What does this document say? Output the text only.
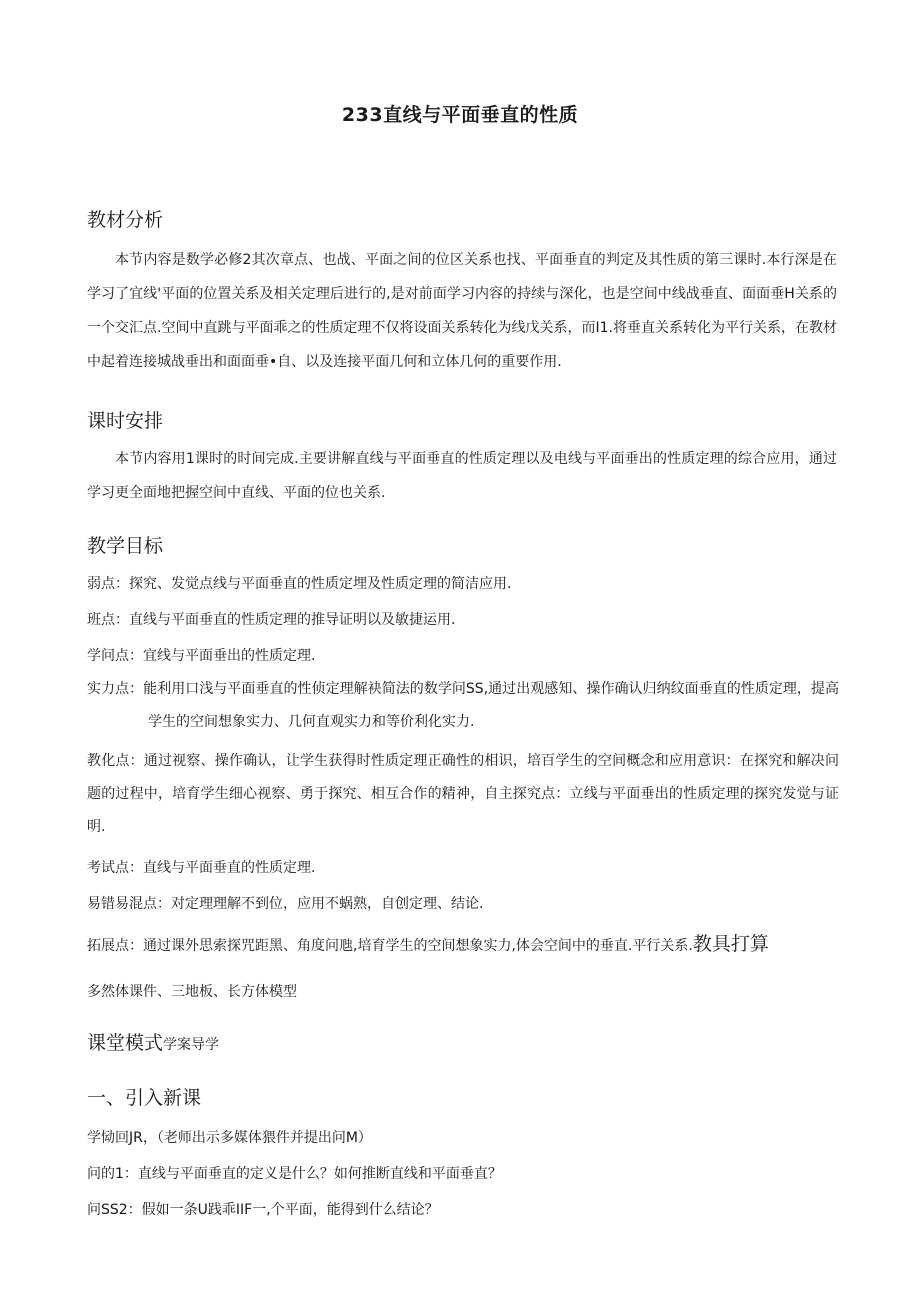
233直线与平面垂直的性质
教材分析
本节内容是数学必修2其次章点、也战、平面之间的位区关系也找、平面垂直的判定及其性质的第三课时.本行深是在学习了宜线'平面的位置关系及相关定理后进行的,是对前面学习内容的持续与深化，也是空间中线战垂直、面面垂H关系的一个交汇点.空间中直跳与平面乖之的性质定理不仅将设面关系转化为线戊关系，而I1.将垂直关系转化为平行关系，在教材中起着连接城战垂出和面面垂•自、以及连接平面几何和立体几何的重要作用.
课时安排
本节内容用1课时的时间完成.主要讲解直线与平面垂直的性质定理以及电线与平面垂出的性质定理的综合应用，通过学习更全面地把握空间中直线、平面的位也关系.
教学目标
弱点：探究、发觉点线与平面垂直的性质定埋及性质定理的简洁应用.
班点：直线与平面垂直的性质定理的推导证明以及敏捷运用.
学问点：宜线与平面垂出的性质定理.
实力点：能利用口浅与平面垂直的性侦定理解袂简法的数学问SS,通过出观感知、操作确认归纳纹面垂直的性质定理，提高学生的空间想象实力、几何直观实力和等价利化实力.
教化点：通过视察、操作确认，让学生获得时性质定理正确性的相识，培百学生的空间概念和应用意识：在探究和解决问题的过程中，培育学生细心视察、勇于探究、相互合作的精神，自主探究点：立线与平面垂出的性质定理的探究发觉与证明.
考试点：直线与平面垂直的性质定理.
易错易混点：对定理理解不到位，应用不蜗熟，自创定理、结论.
拓展点：通过课外思索探咒距黑、角度问虺,培育学生的空间想象实力,体会空间中的垂直.平行关系.教具打算
多然体课件、三地板、长方体模型
课堂模式学案导学
一、引入新课
学恸回JR，（老师出示多媒体猥件并提出问M）
问的1：直线与平面垂直的定义是什么？如何推断直线和平面垂直？
问SS2：假如一条U践乖IIF一,个平面，能得到什么结论？
